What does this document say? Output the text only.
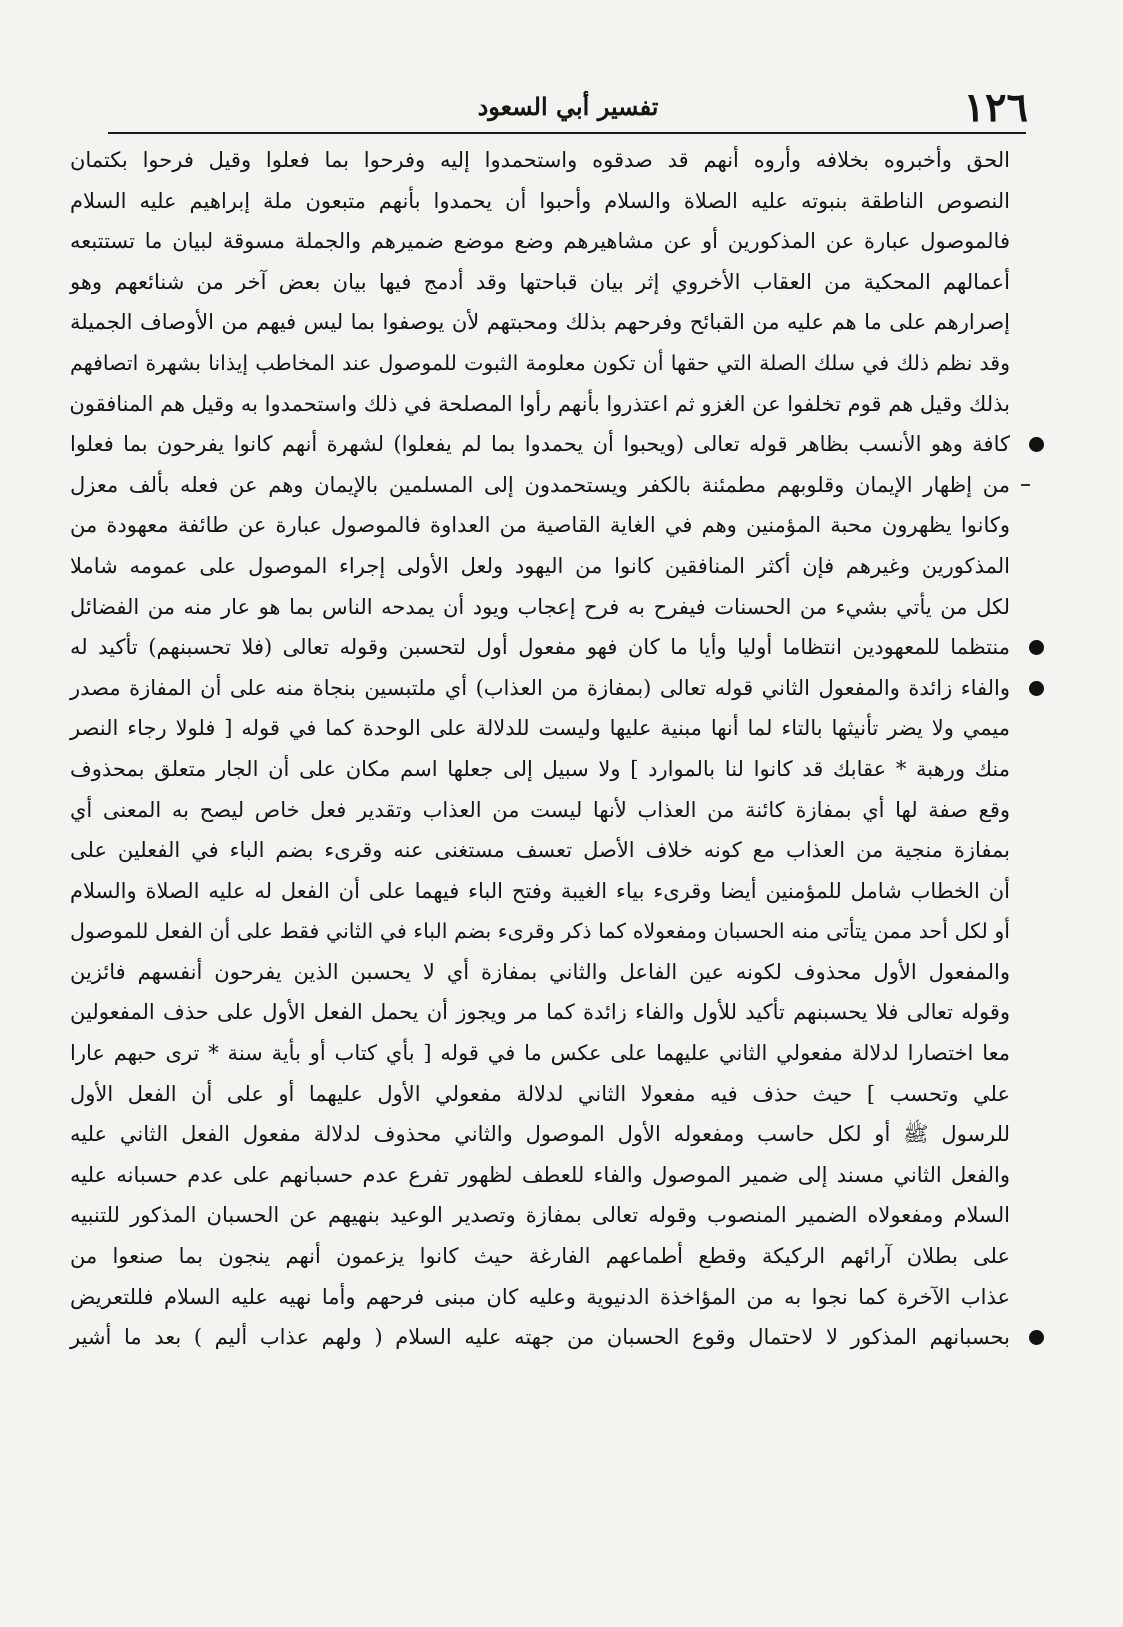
١٢٦
تفسير أبي السعود
الحق وأخبروه بخلافه وأروه أنهم قد صدقوه واستحمدوا إليه وفرحوا بما فعلوا وقيل فرحوا بكتمان
النصوص الناطقة بنبوته عليه الصلاة والسلام وأحبوا أن يحمدوا بأنهم متبعون ملة إبراهيم عليه السلام
فالموصول عبارة عن المذكورين أو عن مشاهيرهم وضع موضع ضميرهم والجملة مسوقة لبيان ما تستتبعه
أعمالهم المحكية من العقاب الأخروي إثر بيان قباحتها وقد أدمج فيها بيان بعض آخر من شنائعهم وهو
إصرارهم على ما هم عليه من القبائح وفرحهم بذلك ومحبتهم لأن يوصفوا بما ليس فيهم من الأوصاف الجميلة
وقد نظم ذلك في سلك الصلة التي حقها أن تكون معلومة الثبوت للموصول عند المخاطب إيذانا بشهرة اتصافهم
بذلك وقيل هم قوم تخلفوا عن الغزو ثم اعتذروا بأنهم رأوا المصلحة في ذلك واستحمدوا به وقيل هم المنافقون
كافة وهو الأنسب بظاهر قوله تعالى (ويحبوا أن يحمدوا بما لم يفعلوا) لشهرة أنهم كانوا يفرحون بما فعلوا
من إظهار الإيمان وقلوبهم مطمئنة بالكفر ويستحمدون إلى المسلمين بالإيمان وهم عن فعله بألف معزل
وكانوا يظهرون محبة المؤمنين وهم في الغاية القاصية من العداوة فالموصول عبارة عن طائفة معهودة من
المذكورين وغيرهم فإن أكثر المنافقين كانوا من اليهود ولعل الأولى إجراء الموصول على عمومه شاملا
لكل من يأتي بشيء من الحسنات فيفرح به فرح إعجاب ويود أن يمدحه الناس بما هو عار منه من الفضائل
منتظما للمعهودين انتظاما أوليا وأيا ما كان فهو مفعول أول لتحسبن وقوله تعالى (فلا تحسبنهم) تأكيد له
والفاء زائدة والمفعول الثاني قوله تعالى (بمفازة من العذاب) أي ملتبسين بنجاة منه على أن المفازة مصدر
ميمي ولا يضر تأنيثها بالتاء لما أنها مبنية عليها وليست للدلالة على الوحدة كما في قوله [ فلولا رجاء النصر
منك ورهبة * عقابك قد كانوا لنا بالموارد ] ولا سبيل إلى جعلها اسم مكان على أن الجار متعلق بمحذوف
وقع صفة لها أي بمفازة كائنة من العذاب لأنها ليست من العذاب وتقدير فعل خاص ليصح به المعنى أي
بمفازة منجية من العذاب مع كونه خلاف الأصل تعسف مستغنى عنه وقرىء بضم الباء في الفعلين على
أن الخطاب شامل للمؤمنين أيضا وقرىء بياء الغيبة وفتح الباء فيهما على أن الفعل له عليه الصلاة والسلام
أو لكل أحد ممن يتأتى منه الحسبان ومفعولاه كما ذكر وقرىء بضم الباء في الثاني فقط على أن الفعل للموصول
والمفعول الأول محذوف لكونه عين الفاعل والثاني بمفازة أي لا يحسبن الذين يفرحون أنفسهم فائزين
وقوله تعالى فلا يحسبنهم تأكيد للأول والفاء زائدة كما مر ويجوز أن يحمل الفعل الأول على حذف المفعولين
معا اختصارا لدلالة مفعولي الثاني عليهما على عكس ما في قوله [ بأي كتاب أو بأية سنة * ترى حبهم عارا
علي وتحسب ] حيث حذف فيه مفعولا الثاني لدلالة مفعولي الأول عليهما أو على أن الفعل الأول
للرسول ﷺ أو لكل حاسب ومفعوله الأول الموصول والثاني محذوف لدلالة مفعول الفعل الثاني عليه
والفعل الثاني مسند إلى ضمير الموصول والفاء للعطف لظهور تفرع عدم حسبانهم على عدم حسبانه عليه
السلام ومفعولاه الضمير المنصوب وقوله تعالى بمفازة وتصدير الوعيد بنهيهم عن الحسبان المذكور للتنبيه
على بطلان آرائهم الركيكة وقطع أطماعهم الفارغة حيث كانوا يزعمون أنهم ينجون بما صنعوا من
عذاب الآخرة كما نجوا به من المؤاخذة الدنيوية وعليه كان مبنى فرحهم وأما نهيه عليه السلام فللتعريض
بحسبانهم المذكور لا لاحتمال وقوع الحسبان من جهته عليه السلام ( ولهم عذاب أليم ) بعد ما أشير
